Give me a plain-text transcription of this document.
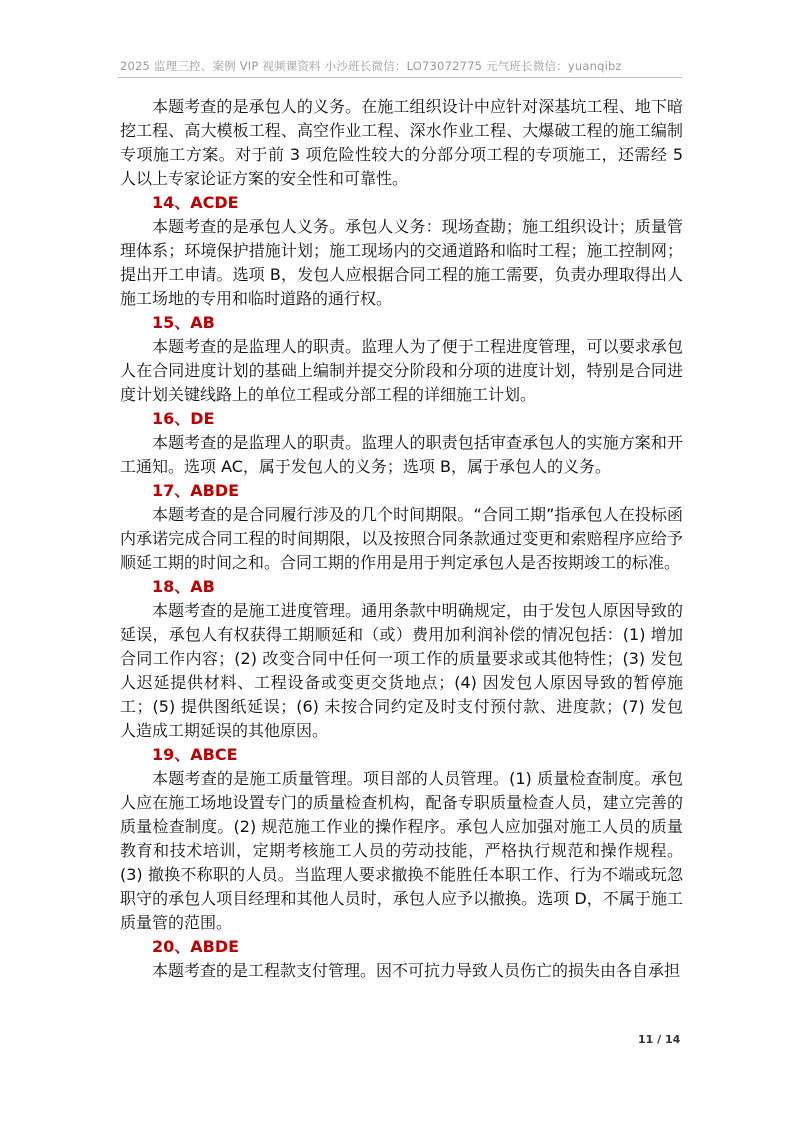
2025 监理三控、案例 VIP 视频课资料 小沙班长微信：LO73072775 元气班长微信：yuanqibz

本题考查的是承包人的义务。在施工组织设计中应针对深基坑工程、地下暗挖工程、高大模板工程、高空作业工程、深水作业工程、大爆破工程的施工编制专项施工方案。对于前 3 项危险性较大的分部分项工程的专项施工，还需经 5 人以上专家论证方案的安全性和可靠性。

14、ACDE

本题考查的是承包人义务。承包人义务：现场查勘；施工组织设计；质量管理体系；环境保护措施计划；施工现场内的交通道路和临时工程；施工控制网；提出开工申请。选项 B，发包人应根据合同工程的施工需要，负责办理取得出人施工场地的专用和临时道路的通行权。

15、AB

本题考查的是监理人的职责。监理人为了便于工程进度管理，可以要求承包人在合同进度计划的基础上编制并提交分阶段和分项的进度计划，特别是合同进度计划关键线路上的单位工程或分部工程的详细施工计划。

16、DE

本题考查的是监理人的职责。监理人的职责包括审查承包人的实施方案和开工通知。选项 AC，属于发包人的义务；选项 B，属于承包人的义务。

17、ABDE

本题考查的是合同履行涉及的几个时间期限。“合同工期”指承包人在投标函内承诺完成合同工程的时间期限，以及按照合同条款通过变更和索赔程序应给予顺延工期的时间之和。合同工期的作用是用于判定承包人是否按期竣工的标准。

18、AB

本题考查的是施工进度管理。通用条款中明确规定，由于发包人原因导致的延误，承包人有权获得工期顺延和（或）费用加利润补偿的情况包括：(1) 增加合同工作内容；(2) 改变合同中任何一项工作的质量要求或其他特性；(3) 发包人迟延提供材料、工程设备或变更交货地点；(4) 因发包人原因导致的暂停施工；(5) 提供图纸延误；(6) 未按合同约定及时支付预付款、进度款；(7) 发包人造成工期延误的其他原因。

19、ABCE

本题考查的是施工质量管理。项目部的人员管理。(1) 质量检查制度。承包人应在施工场地设置专门的质量检查机构，配备专职质量检查人员，建立完善的质量检查制度。(2) 规范施工作业的操作程序。承包人应加强对施工人员的质量教育和技术培训，定期考核施工人员的劳动技能，严格执行规范和操作规程。(3) 撤换不称职的人员。当监理人要求撤换不能胜任本职工作、行为不端或玩忽职守的承包人项目经理和其他人员时，承包人应予以撤换。选项 D，不属于施工质量管的范围。

20、ABDE

本题考查的是工程款支付管理。因不可抗力导致人员伤亡的损失由各自承担

11 / 14
